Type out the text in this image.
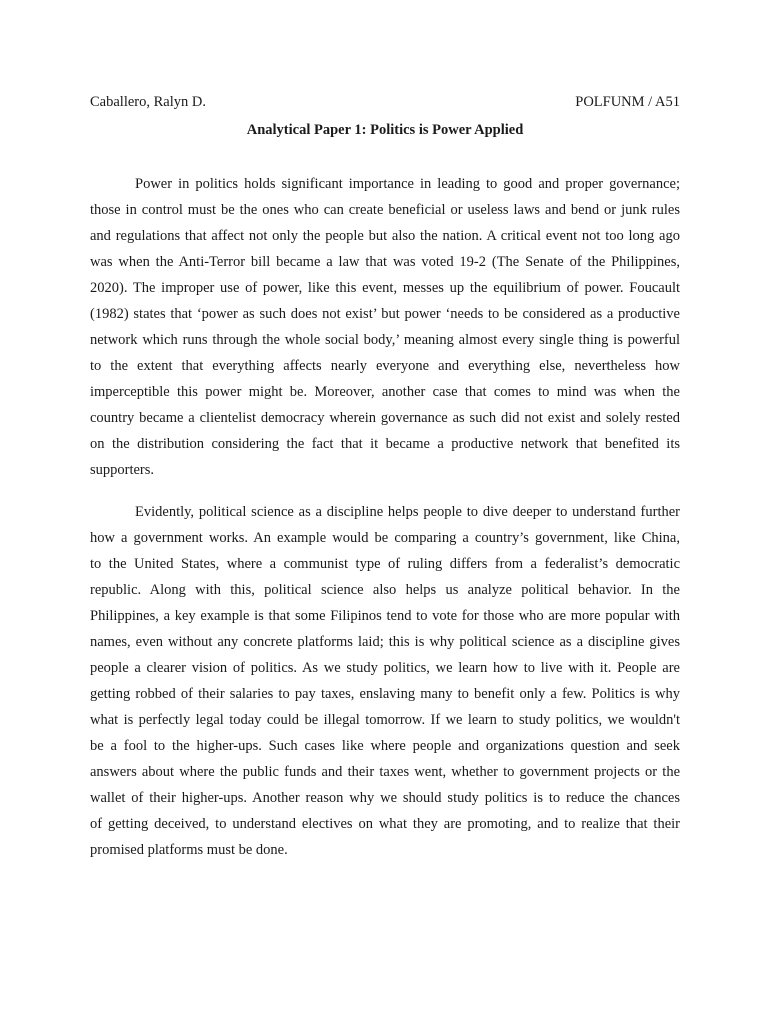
Caballero, Ralyn D.	POLFUNM / A51
Analytical Paper 1: Politics is Power Applied

Power in politics holds significant importance in leading to good and proper governance;
those in control must be the ones who can create beneficial or useless laws and bend or junk rules
and regulations that affect not only the people but also the nation. A critical event not too long ago
was when the Anti-Terror bill became a law that was voted 19-2 (The Senate of the Philippines,
2020). The improper use of power, like this event, messes up the equilibrium of power. Foucault
(1982) states that ‘power as such does not exist’ but power ‘needs to be considered as a productive
network which runs through the whole social body,’ meaning almost every single thing is powerful
to the extent that everything affects nearly everyone and everything else, nevertheless how
imperceptible this power might be. Moreover, another case that comes to mind was when the
country became a clientelist democracy wherein governance as such did not exist and solely rested
on the distribution considering the fact that it became a productive network that benefited its
supporters.

Evidently, political science as a discipline helps people to dive deeper to understand further
how a government works. An example would be comparing a country’s government, like China,
to the United States, where a communist type of ruling differs from a federalist’s democratic
republic. Along with this, political science also helps us analyze political behavior. In the
Philippines, a key example is that some Filipinos tend to vote for those who are more popular with
names, even without any concrete platforms laid; this is why political science as a discipline gives
people a clearer vision of politics. As we study politics, we learn how to live with it. People are
getting robbed of their salaries to pay taxes, enslaving many to benefit only a few. Politics is why
what is perfectly legal today could be illegal tomorrow. If we learn to study politics, we wouldn't
be a fool to the higher-ups. Such cases like where people and organizations question and seek
answers about where the public funds and their taxes went, whether to government projects or the
wallet of their higher-ups. Another reason why we should study politics is to reduce the chances
of getting deceived, to understand electives on what they are promoting, and to realize that their
promised platforms must be done.
